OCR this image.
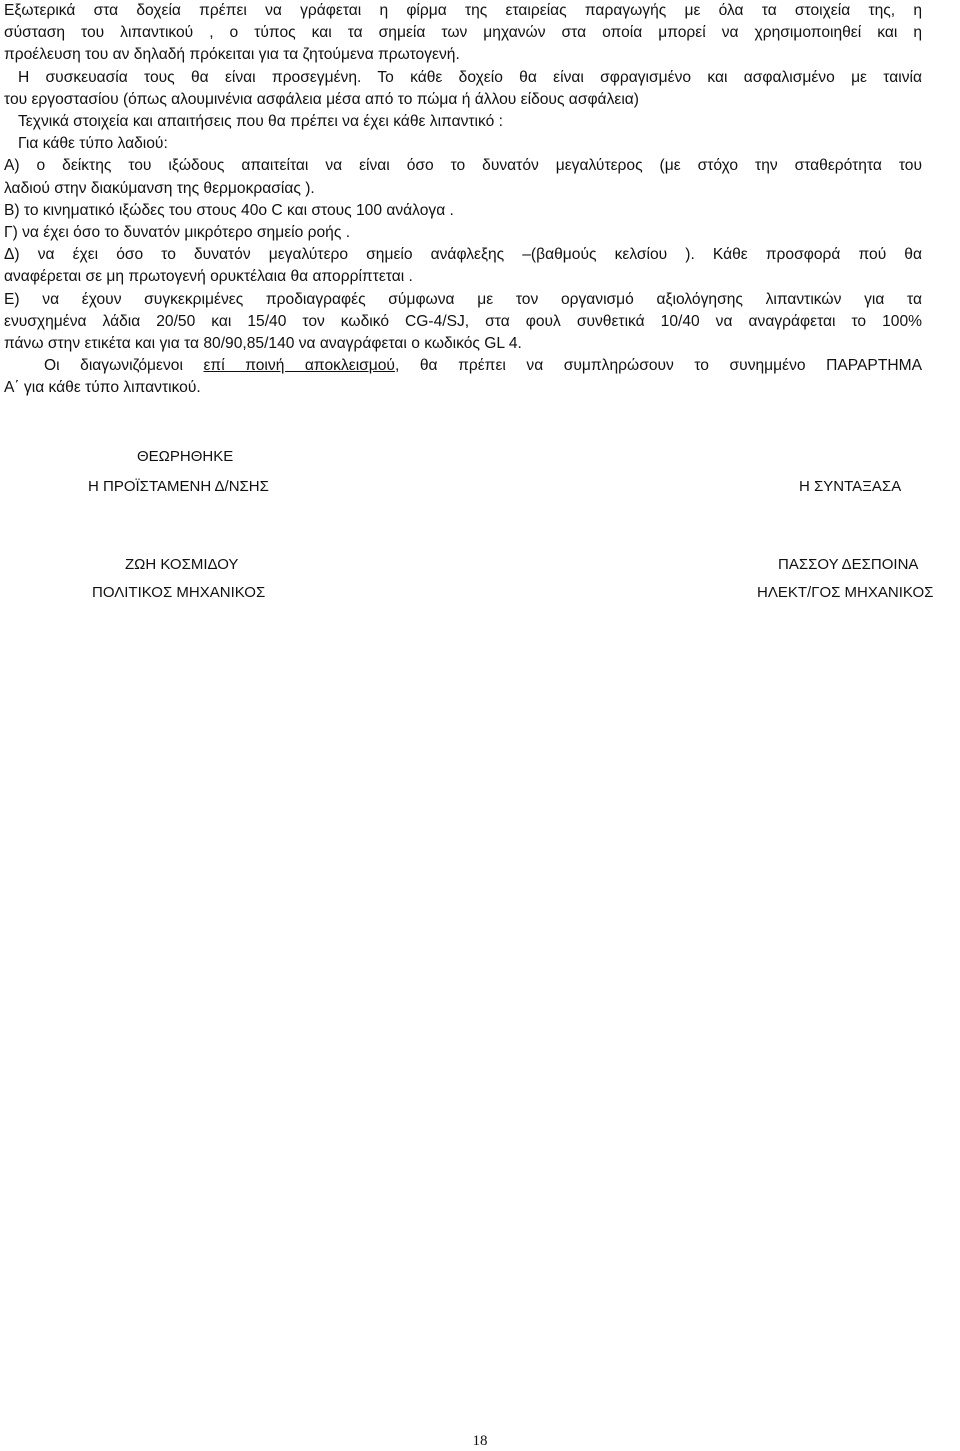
Εξωτερικά στα δοχεία πρέπει να γράφεται η φίρμα της εταιρείας παραγωγής με όλα τα στοιχεία της, η

σύσταση του λιπαντικού , ο τύπος και τα σημεία των μηχανών στα οποία μπορεί να χρησιμοποιηθεί και η

προέλευση του αν δηλαδή πρόκειται για τα ζητούμενα πρωτογενή.

Η συσκευασία τους θα είναι προσεγμένη. Το κάθε δοχείο θα είναι σφραγισμένο και ασφαλισμένο με ταινία

του εργοστασίου (όπως αλουμινένια ασφάλεια μέσα από το πώμα ή άλλου είδους ασφάλεια)

Τεχνικά στοιχεία και απαιτήσεις που θα πρέπει να έχει κάθε λιπαντικό :

Για κάθε τύπο λαδιού:

Α) ο δείκτης του ιξώδους απαιτείται να είναι όσο το δυνατόν μεγαλύτερος (με στόχο την σταθερότητα του

λαδιού στην διακύμανση της θερμοκρασίας ).

Β) το κινηματικό ιξώδες του στους 40ο C και στους 100 ανάλογα .

Γ) να έχει όσο το δυνατόν μικρότερο σημείο ροής .

Δ) να έχει όσο το δυνατόν μεγαλύτερο σημείο ανάφλεξης –(βαθμούς κελσίου ). Κάθε προσφορά πού θα

αναφέρεται σε μη πρωτογενή ορυκτέλαια θα απορρίπτεται .

Ε) να έχουν συγκεκριμένες προδιαγραφές σύμφωνα με τον οργανισμό αξιολόγησης λιπαντικών για τα

ενυσχημένα λάδια 20/50 και 15/40 τον κωδικό CG-4/SJ, στα φουλ συνθετικά 10/40 να αναγράφεται το 100%

πάνω στην ετικέτα και για τα 80/90,85/140 να αναγράφεται ο κωδικός GL 4.

Οι διαγωνιζόμενοι επί ποινή αποκλεισμού, θα πρέπει να συμπληρώσουν το συνημμένο ΠΑΡΑΡΤΗΜΑ

Α΄ για κάθε τύπο λιπαντικού.

ΘΕΩΡΗΘΗΚΕ
Η ΠΡΟΪΣΤΑΜΕΝΗ Δ/ΝΣΗΣ	Η ΣΥΝΤΑΞΑΣΑ
ΖΩΗ ΚΟΣΜΙΔΟΥ
ΠΟΛΙΤΙΚΟΣ ΜΗΧΑΝΙΚΟΣ
ΠΑΣΣΟΥ ΔΕΣΠΟΙΝΑ
ΗΛΕΚΤ/ΓΟΣ ΜΗΧΑΝΙΚΟΣ
18
